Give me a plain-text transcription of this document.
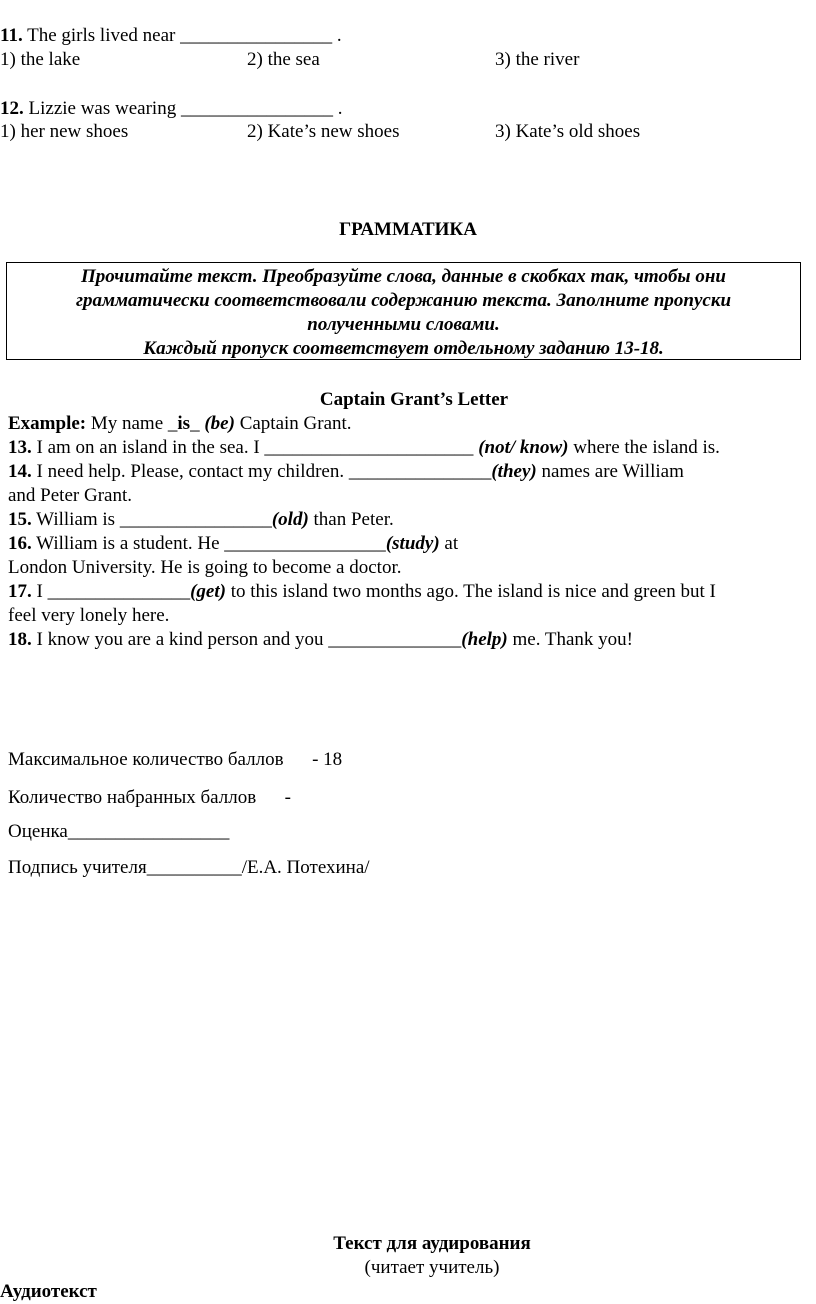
11. The girls lived near ________________ .
1) the lake	2) the sea	3) the river
12. Lizzie was wearing ________________ .
1) her new shoes	2) Kate’s new shoes	3) Kate’s old shoes
ГРАММАТИКА
Прочитайте текст. Преобразуйте слова, данные в скобках так, чтобы они
грамматически соответствовали содержанию текста. Заполните пропуски
полученными словами.
Каждый пропуск соответствует отдельному заданию 13-18.
Captain Grant’s Letter
Example: My name _is_ (be) Captain Grant.
13. I am on an island in the sea. I ______________________ (not/ know) where the island is.
14. I need help. Please, contact my children. _______________(they) names are William
and Peter Grant.
15. William is ________________(old) than Peter.
16. William is a student. He _________________(study) at
London University. He is going to become a doctor.
17. I _______________(get) to this island two months ago. The island is nice and green but I
feel very lonely here.
18. I know you are a kind person and you ______________(help) me. Thank you!
Максимальное количество баллов      - 18
Количество набранных баллов      -
Оценка_________________
Подпись учителя__________/Е.А. Потехина/
Текст для аудирования
(читает учитель)
Аудиотекст
